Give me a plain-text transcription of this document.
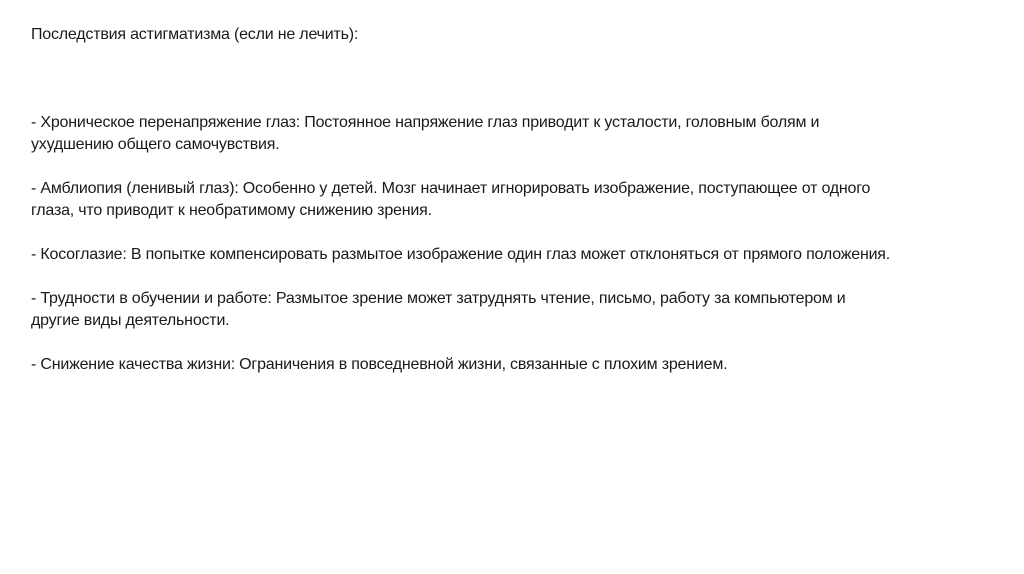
Последствия астигматизма (если не лечить):

- Хроническое перенапряжение глаз: Постоянное напряжение глаз приводит к усталости, головным болям и

ухудшению общего самочувствия.

- Амблиопия (ленивый глаз): Особенно у детей. Мозг начинает игнорировать изображение, поступающее от одного

глаза, что приводит к необратимому снижению зрения.

- Косоглазие: В попытке компенсировать размытое изображение один глаз может отклоняться от прямого положения.

- Трудности в обучении и работе: Размытое зрение может затруднять чтение, письмо, работу за компьютером и

другие виды деятельности.

- Снижение качества жизни: Ограничения в повседневной жизни, связанные с плохим зрением.
